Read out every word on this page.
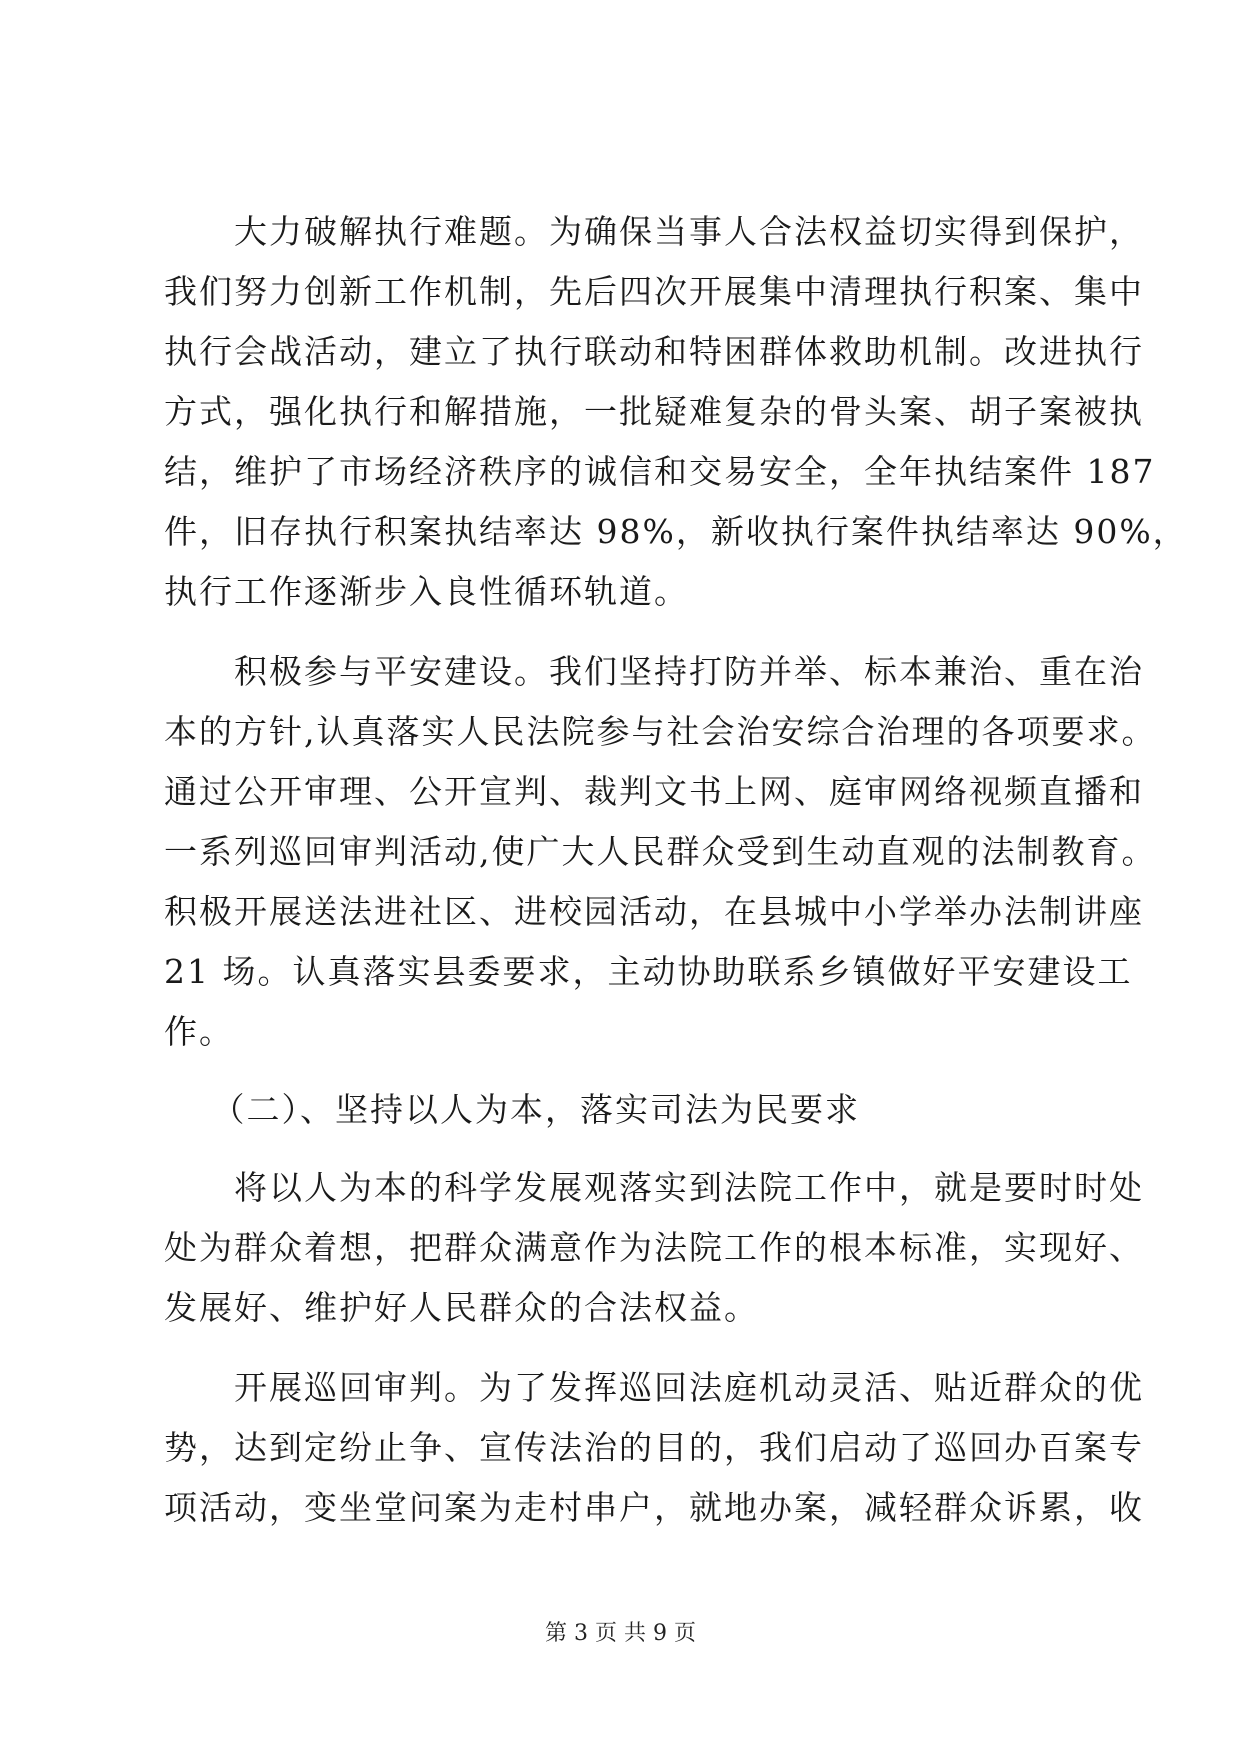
　　大力破解执行难题。为确保当事人合法权益切实得到保护，
我们努力创新工作机制，先后四次开展集中清理执行积案、集中
执行会战活动，建立了执行联动和特困群体救助机制。改进执行
方式，强化执行和解措施，一批疑难复杂的骨头案、胡子案被执
结，维护了市场经济秩序的诚信和交易安全，全年执结案件 187
件，旧存执行积案执结率达 98%，新收执行案件执结率达 90%，
执行工作逐渐步入良性循环轨道。
　　积极参与平安建设。我们坚持打防并举、标本兼治、重在治
本的方针,认真落实人民法院参与社会治安综合治理的各项要求。
通过公开审理、公开宣判、裁判文书上网、庭审网络视频直播和
一系列巡回审判活动,使广大人民群众受到生动直观的法制教育。
积极开展送法进社区、进校园活动，在县城中小学举办法制讲座
21 场。认真落实县委要求，主动协助联系乡镇做好平安建设工
作。
　 （二）、坚持以人为本，落实司法为民要求
　　将以人为本的科学发展观落实到法院工作中，就是要时时处
处为群众着想，把群众满意作为法院工作的根本标准，实现好、
发展好、维护好人民群众的合法权益。
　　开展巡回审判。为了发挥巡回法庭机动灵活、贴近群众的优
势，达到定纷止争、宣传法治的目的，我们启动了巡回办百案专
项活动，变坐堂问案为走村串户，就地办案，减轻群众诉累，收
第 3 页 共 9 页
